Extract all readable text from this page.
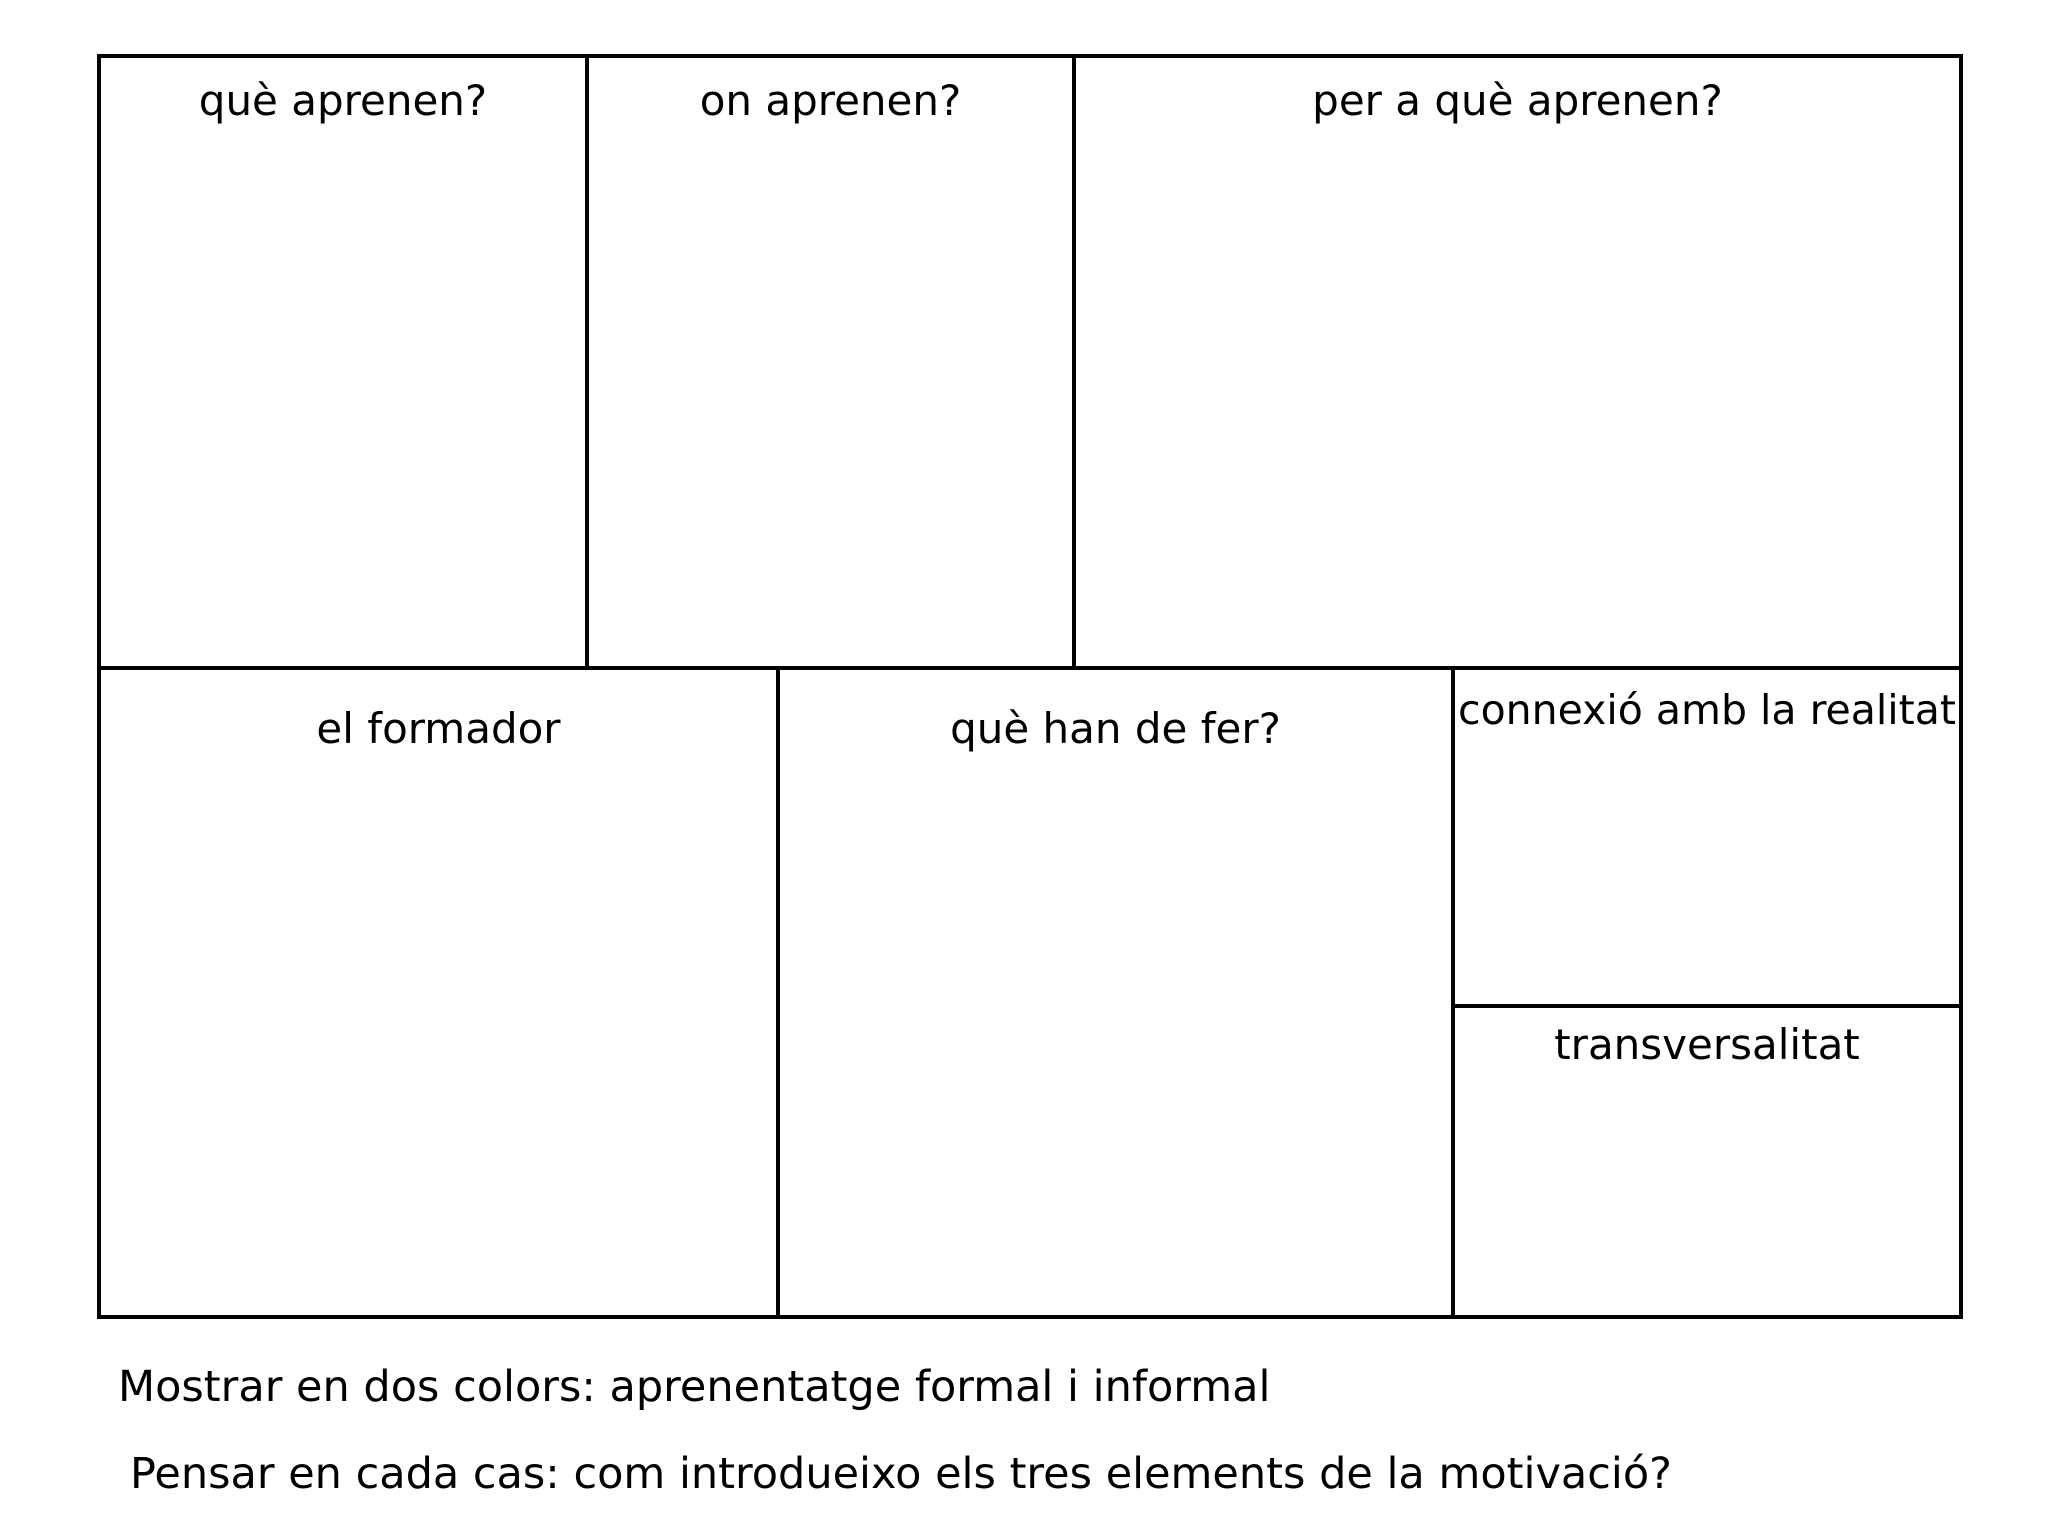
què aprenen?	on aprenen?	per a què aprenen?
el formador	què han de fer?	connexió amb la realitat
transversalitat
Mostrar en dos colors: aprenentatge formal i informal
Pensar en cada cas: com introdueixo els tres elements de la motivació?
